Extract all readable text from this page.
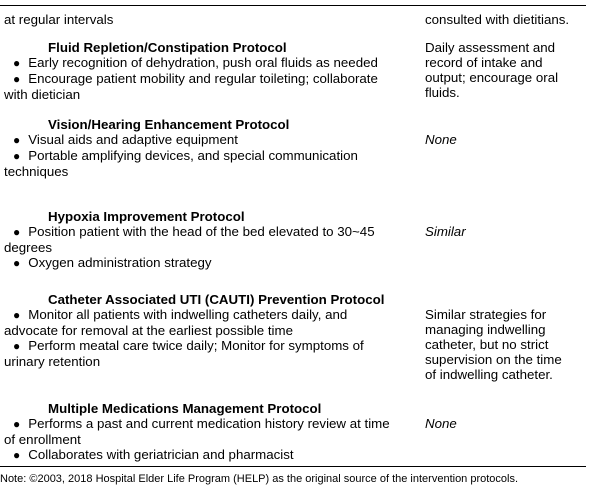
at regular intervals	consulted with dietitians.

Fluid Repletion/Constipation Protocol

● Early recognition of dehydration, push oral fluids as needed

● Encourage patient mobility and regular toileting; collaborate
with dietician

Daily assessment and
record of intake and
output; encourage oral
fluids.

Vision/Hearing Enhancement Protocol

● Visual aids and adaptive equipment

● Portable amplifying devices, and special communication
techniques

None

Hypoxia Improvement Protocol

● Position patient with the head of the bed elevated to 30~45
degrees

● Oxygen administration strategy

Similar

Catheter Associated UTI (CAUTI) Prevention Protocol

● Monitor all patients with indwelling catheters daily, and
advocate for removal at the earliest possible time

● Perform meatal care twice daily; Monitor for symptoms of
urinary retention

Similar strategies for
managing indwelling
catheter, but no strict
supervision on the time
of indwelling catheter.

Multiple Medications Management Protocol

● Performs a past and current medication history review at time
of enrollment

● Collaborates with geriatrician and pharmacist

None

Note: ©2003, 2018 Hospital Elder Life Program (HELP) as the original source of the intervention protocols.
